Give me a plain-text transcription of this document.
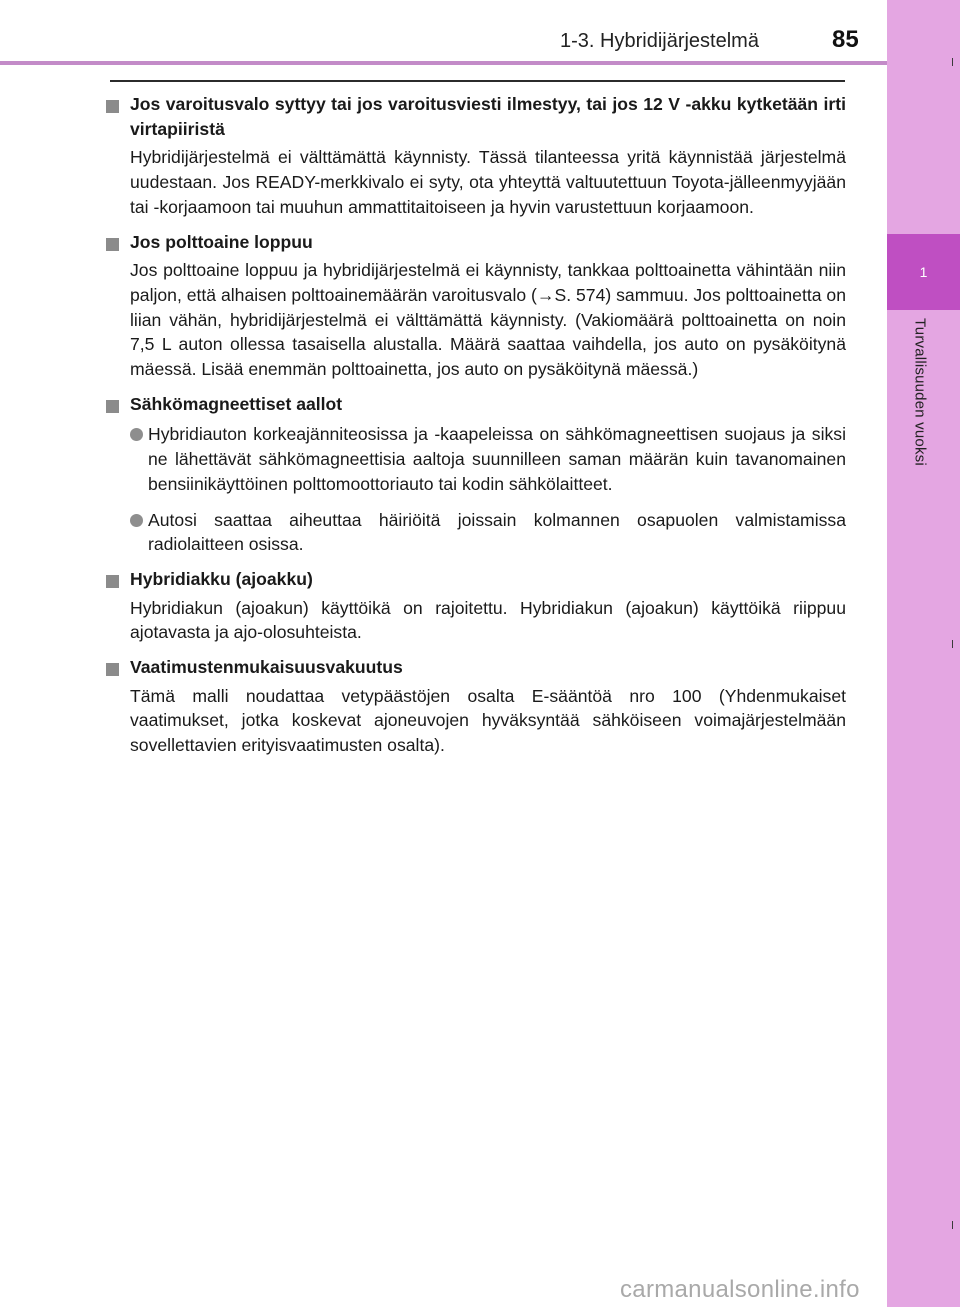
1
Turvallisuuden vuoksi
1-3. Hybridijärjestelmä	85
Jos varoitusvalo syttyy tai jos varoitusviesti ilmestyy, tai jos 12 V -akku kytketään irti virtapiiristä
Hybridijärjestelmä ei välttämättä käynnisty. Tässä tilanteessa yritä käynnistää järjestelmä uudestaan. Jos READY-merkkivalo ei syty, ota yhteyttä valtuutettuun Toyota-jälleenmyyjään tai -korjaamoon tai muuhun ammattitaitoiseen ja hyvin varustettuun korjaamoon.
Jos polttoaine loppuu
Jos polttoaine loppuu ja hybridijärjestelmä ei käynnisty, tankkaa polttoainetta vähintään niin paljon, että alhaisen polttoainemäärän varoitusvalo (→S. 574) sammuu. Jos polttoainetta on liian vähän, hybridijärjestelmä ei välttämättä käynnisty. (Vakiomäärä polttoainetta on noin 7,5 L auton ollessa tasaisella alustalla. Määrä saattaa vaihdella, jos auto on pysäköitynä mäessä. Lisää enemmän polttoainetta, jos auto on pysäköitynä mäessä.)
Sähkömagneettiset aallot
Hybridiauton korkeajänniteosissa ja -kaapeleissa on sähkömagneettisen suojaus ja siksi ne lähettävät sähkömagneettisia aaltoja suunnilleen saman määrän kuin tavanomainen bensiinikäyttöinen polttomoottoriauto tai kodin sähkölaitteet.
Autosi saattaa aiheuttaa häiriöitä joissain kolmannen osapuolen valmistamissa radiolaitteen osissa.
Hybridiakku (ajoakku)
Hybridiakun (ajoakun) käyttöikä on rajoitettu. Hybridiakun (ajoakun) käyttöikä riippuu ajotavasta ja ajo-olosuhteista.
Vaatimustenmukaisuusvakuutus
Tämä malli noudattaa vetypäästöjen osalta E-sääntöä nro 100 (Yhdenmukaiset vaatimukset, jotka koskevat ajoneuvojen hyväksyntää sähköiseen voimajärjestelmään sovellettavien erityisvaatimusten osalta).
carmanualsonline.info
